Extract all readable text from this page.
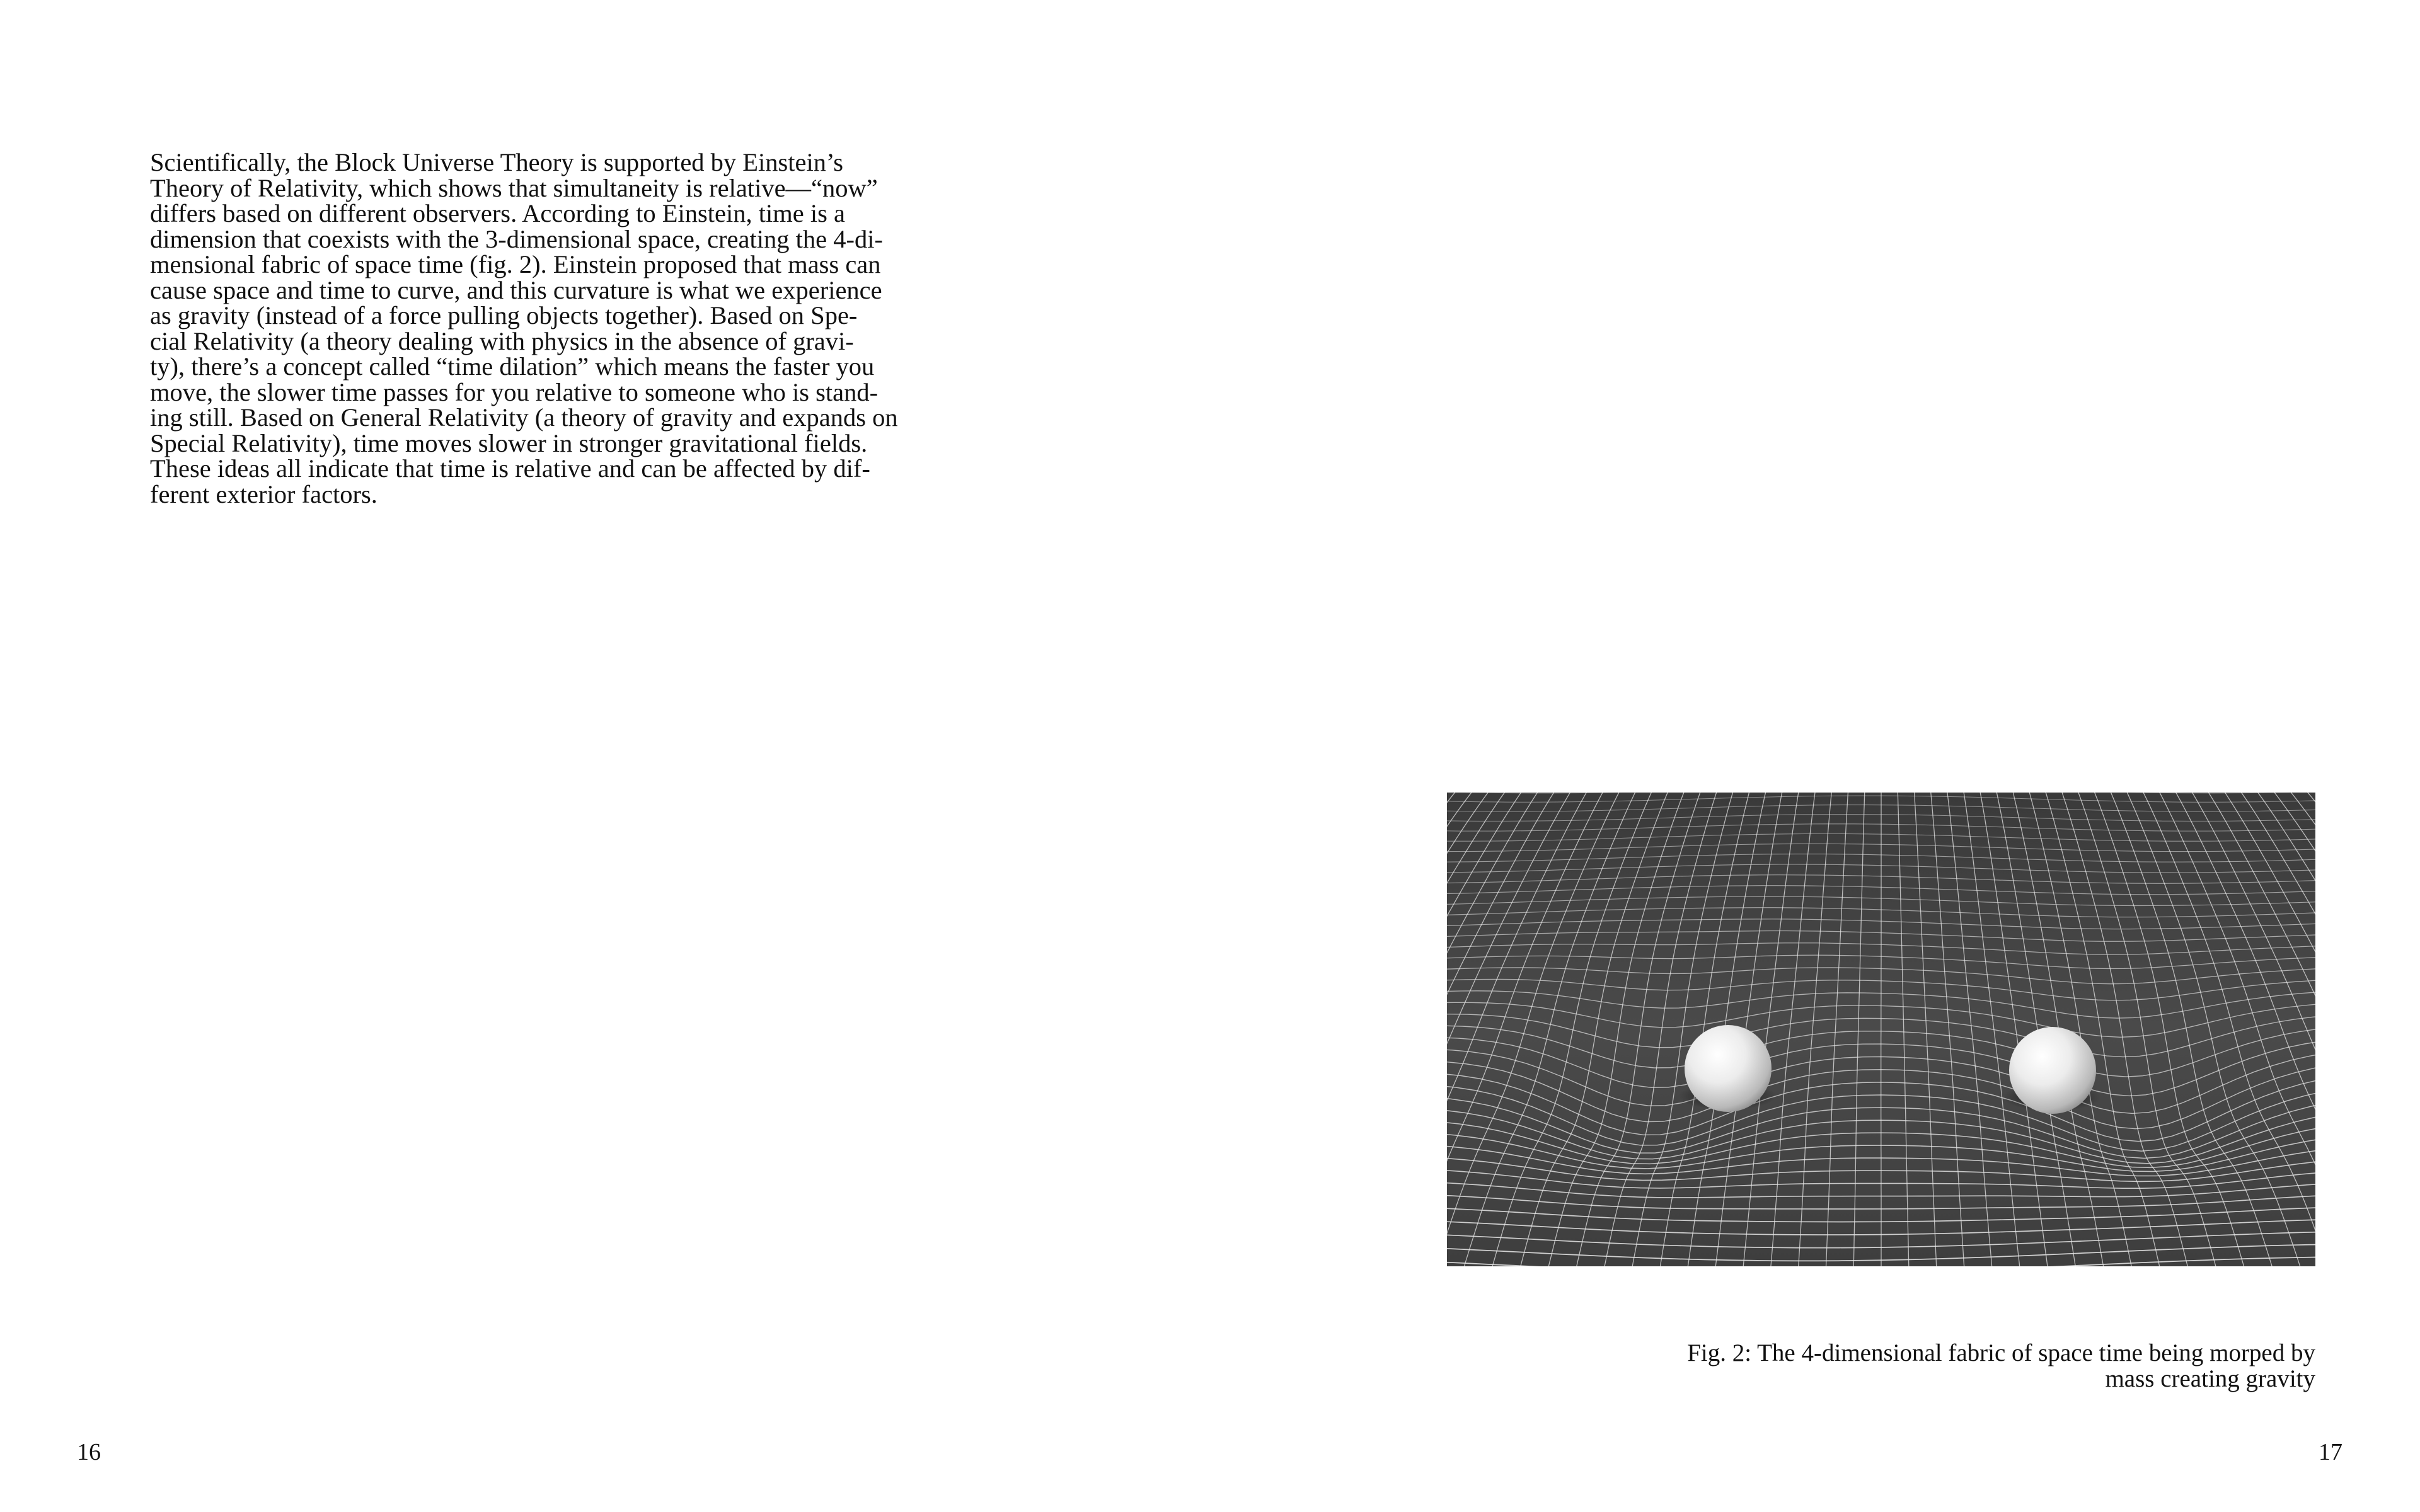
Scientifically, the Block Universe Theory is supported by Einstein’s
Theory of Relativity, which shows that simultaneity is relative—“now”
differs based on different observers. According to Einstein, time is a
dimension that coexists with the 3-dimensional space, creating the 4-di-
mensional fabric of space time (fig. 2). Einstein proposed that mass can
cause space and time to curve, and this curvature is what we experience
as gravity (instead of a force pulling objects together). Based on Spe-
cial Relativity (a theory dealing with physics in the absence of gravi-
ty), there’s a concept called “time dilation” which means the faster you
move, the slower time passes for you relative to someone who is stand-
ing still. Based on General Relativity (a theory of gravity and expands on
Special Relativity), time moves slower in stronger gravitational fields.
These ideas all indicate that time is relative and can be affected by dif-
ferent exterior factors.

16

Fig. 2: The 4-dimensional fabric of space time being morped by
mass creating gravity

17
